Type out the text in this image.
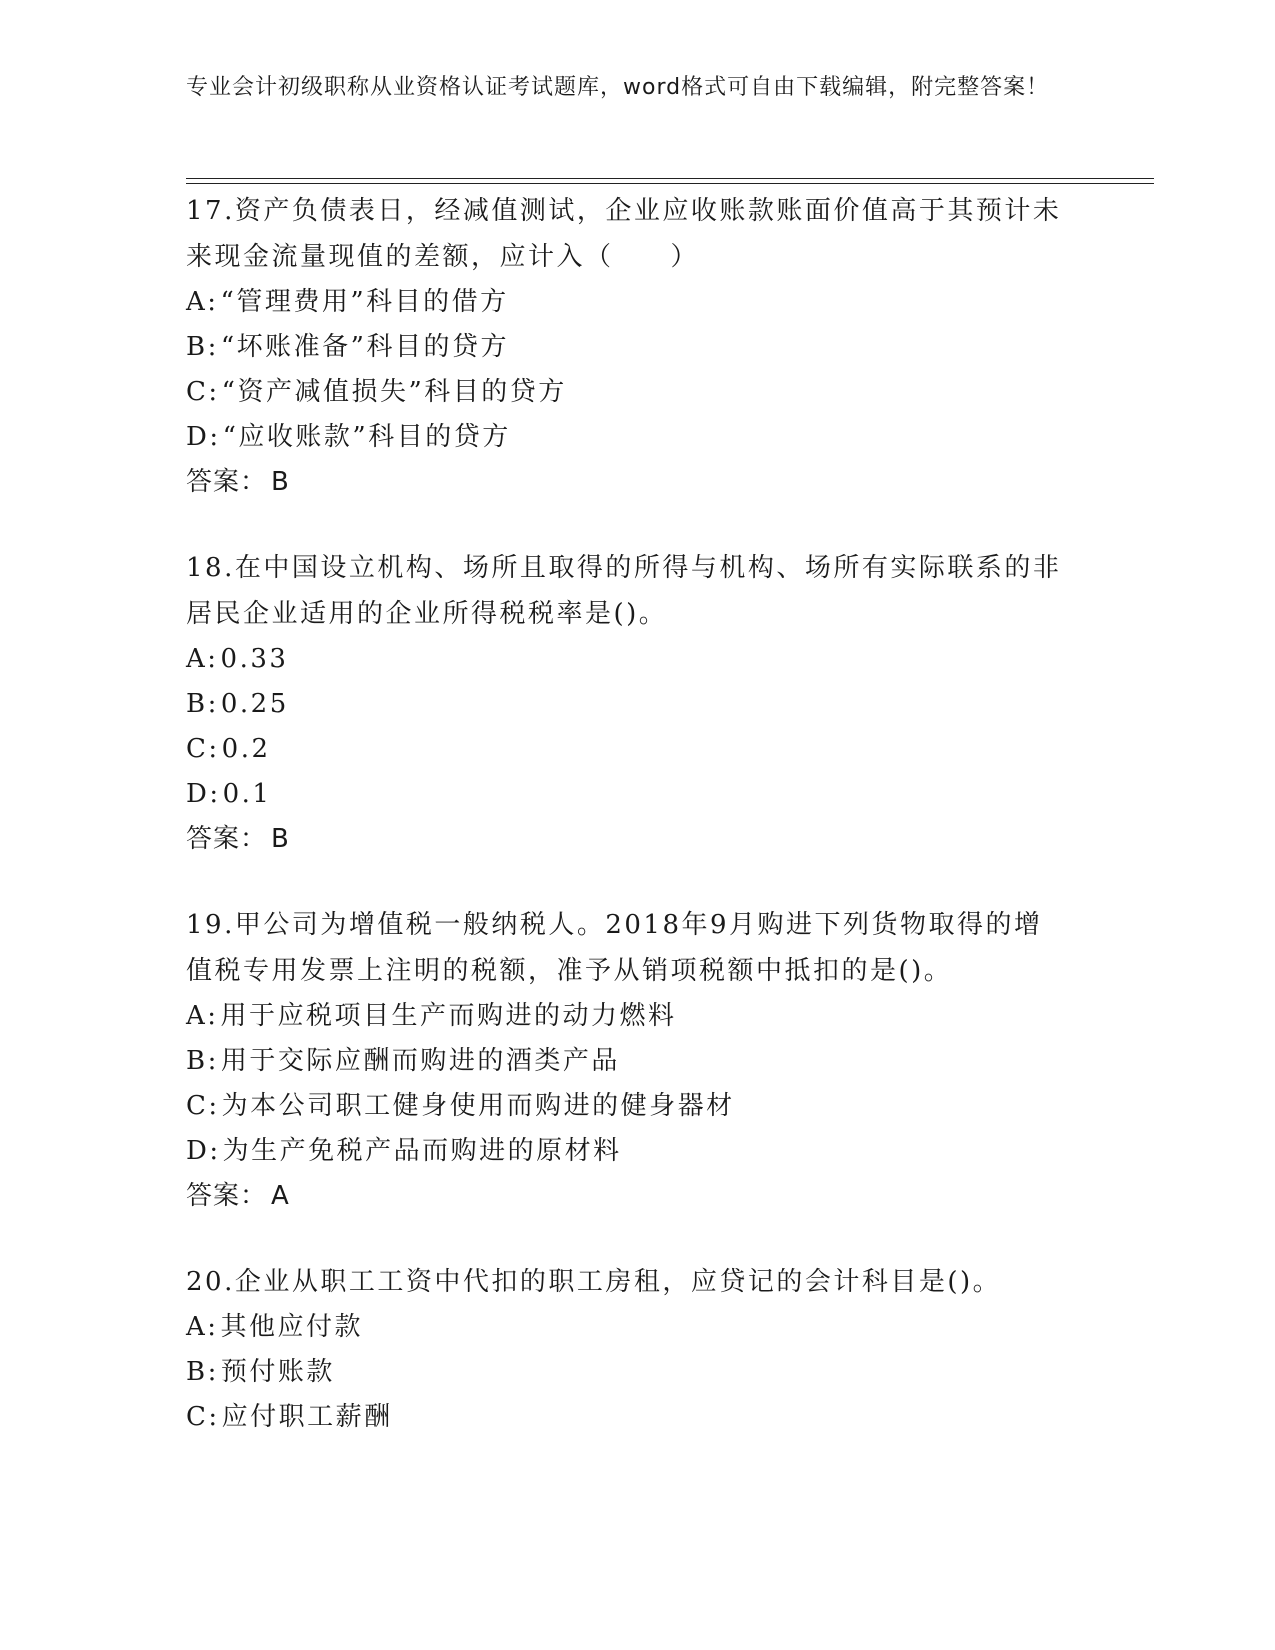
专业会计初级职称从业资格认证考试题库，word格式可自由下载编辑，附完整答案！

17.资产负债表日，经减值测试，企业应收账款账面价值高于其预计未来现金流量现值的差额，应计入（　　）

A:“管理费用”科目的借方
B:“坏账准备”科目的贷方
C:“资产减值损失”科目的贷方
D:“应收账款”科目的贷方
答案： B

18.在中国设立机构、场所且取得的所得与机构、场所有实际联系的非居民企业适用的企业所得税税率是()。

A:0.33
B:0.25
C:0.2
D:0.1
答案： B

19.甲公司为增值税一般纳税人。2018年9月购进下列货物取得的增值税专用发票上注明的税额，准予从销项税额中抵扣的是()。

A:用于应税项目生产而购进的动力燃料
B:用于交际应酬而购进的酒类产品
C:为本公司职工健身使用而购进的健身器材
D:为生产免税产品而购进的原材料
答案： A

20.企业从职工工资中代扣的职工房租，应贷记的会计科目是()。

A:其他应付款
B:预付账款
C:应付职工薪酬
